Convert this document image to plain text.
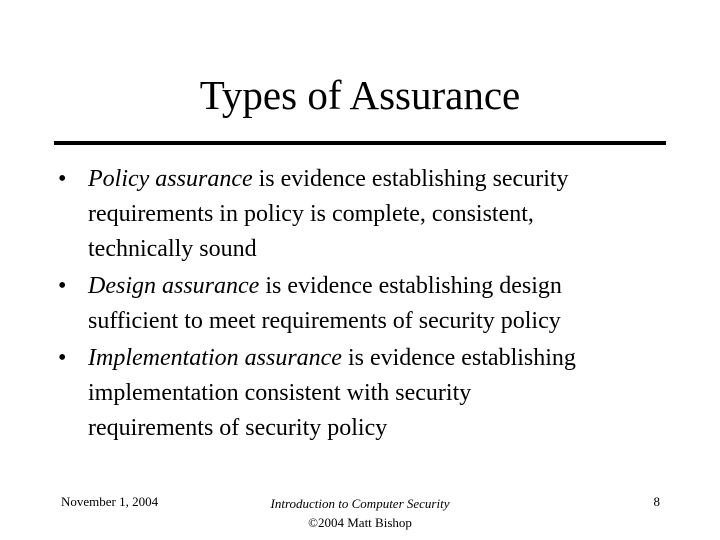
Types of Assurance
• Policy assurance is evidence establishing security
requirements in policy is complete, consistent,
technically sound
• Design assurance is evidence establishing design
sufficient to meet requirements of security policy
• Implementation assurance is evidence establishing
implementation consistent with security
requirements of security policy
November 1, 2004	Introduction to Computer Security
©2004 Matt Bishop
8
